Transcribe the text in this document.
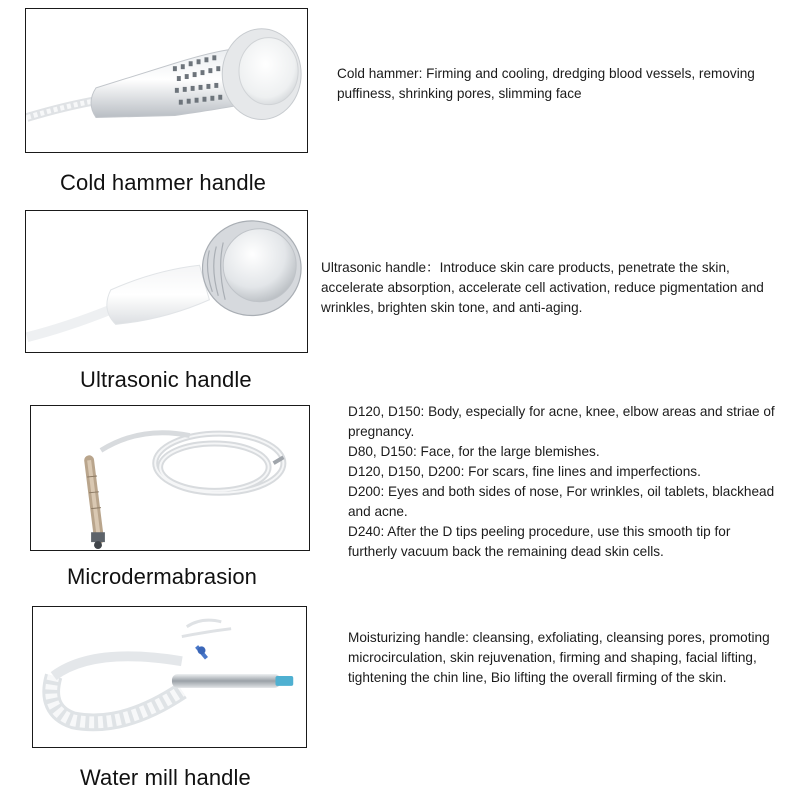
Cold hammer handle

Cold hammer: Firming and cooling, dredging blood vessels, removing puffiness, shrinking pores, slimming face

Ultrasonic handle

Ultrasonic handle：Introduce skin care products, penetrate the skin, accelerate absorption, accelerate cell activation, reduce pigmentation and wrinkles, brighten skin tone, and anti-aging.

Microdermabrasion

D120, D150: Body, especially for acne, knee, elbow areas and striae of pregnancy.

D80, D150: Face, for the large blemishes.

D120, D150, D200: For scars, fine lines and imperfections.

D200: Eyes and both sides of nose, For wrinkles, oil tablets, blackhead and acne.

D240: After the D tips peeling procedure, use this smooth tip for furtherly vacuum back the remaining dead skin cells.

Water mill handle

Moisturizing handle: cleansing, exfoliating, cleansing pores, promoting microcirculation, skin rejuvenation, firming and shaping, facial lifting, tightening the chin line, Bio lifting the overall firming of the skin.
